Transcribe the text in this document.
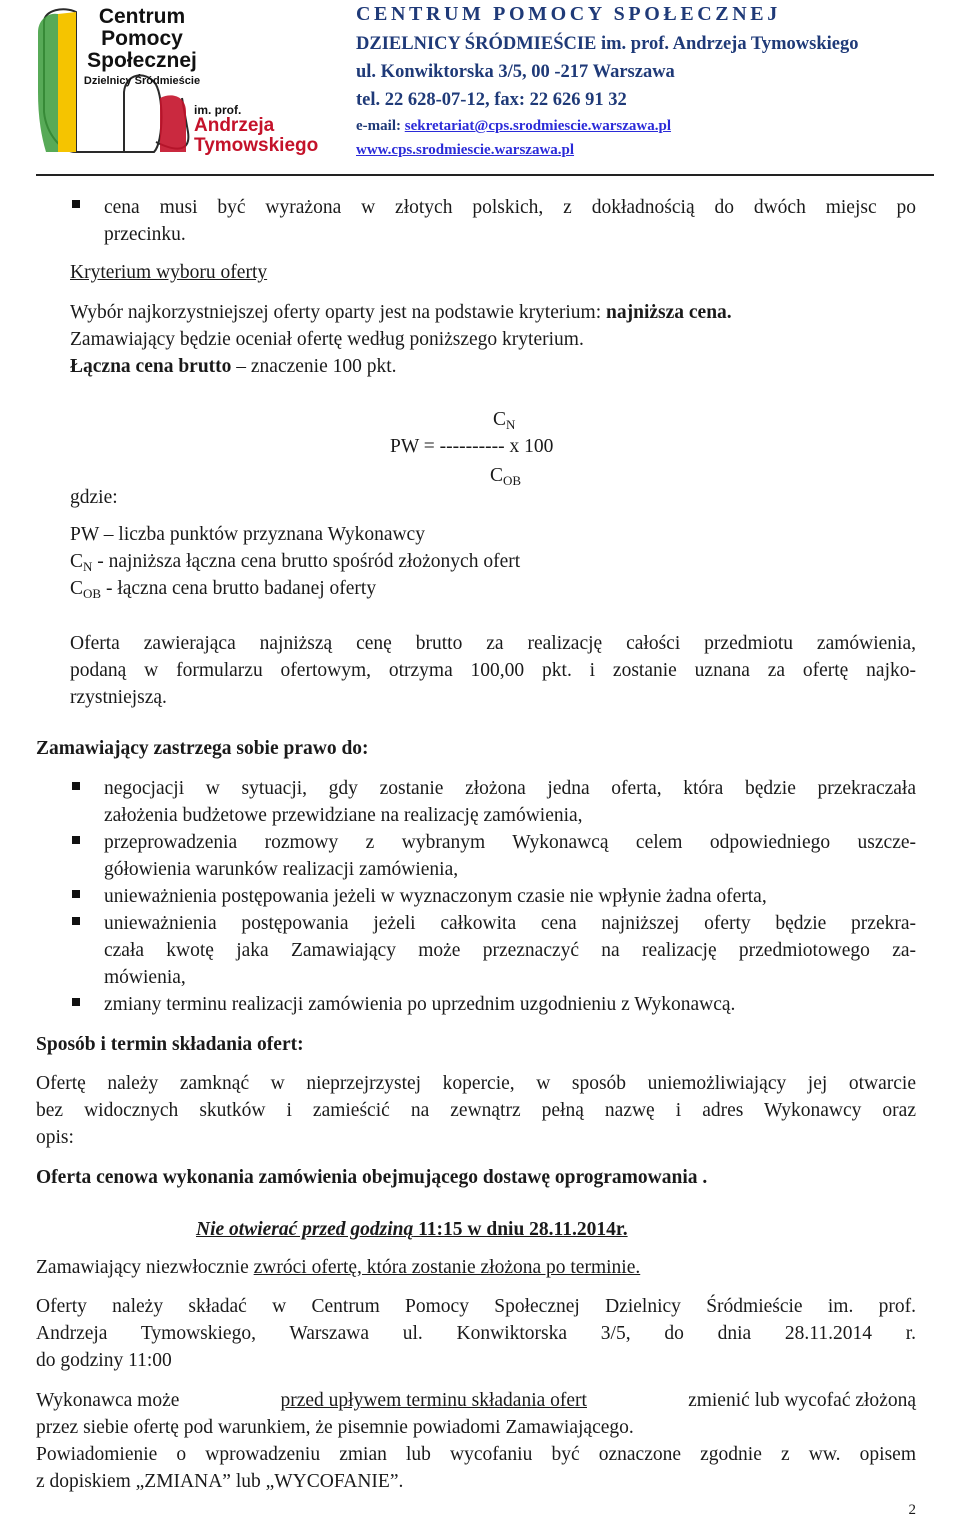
Centrum
Pomocy
Społecznej
Dzielnicy Śródmieście
im. prof.
Andrzeja
Tymowskiego
CENTRUM POMOCY SPOŁECZNEJ
DZIELNICY ŚRÓDMIEŚCIE im. prof. Andrzeja Tymowskiego
ul. Konwiktorska 3/5, 00 -217 Warszawa
tel. 22 628-07-12, fax: 22 626 91 32
e-mail: sekretariat@cps.srodmiescie.warszawa.pl
www.cps.srodmiescie.warszawa.pl
cena musi być wyrażona w złotych polskich, z dokładnością do dwóch miejsc po
przecinku.
Kryterium wyboru oferty
Wybór najkorzystniejszej oferty oparty jest na podstawie kryterium: najniższa cena.
Zamawiający będzie oceniał ofertę według poniższego kryterium.
Łączna cena brutto – znaczenie 100 pkt.
$C_N$
PW = ---------- x 100
$C_{OB}$
gdzie:
PW – liczba punktów przyznana Wykonawcy
$C_N$ - najniższa łączna cena brutto spośród złożonych ofert
$C_{OB}$ - łączna cena brutto badanej oferty
Oferta zawierająca najniższą cenę brutto za realizację całości przedmiotu zamówienia,
podaną w formularzu ofertowym, otrzyma 100,00 pkt. i zostanie uznana za ofertę najko-
rzystniejszą.
Zamawiający zastrzega sobie prawo do:
negocjacji w sytuacji, gdy zostanie złożona jedna oferta, która będzie przekraczała
założenia budżetowe przewidziane na realizację zamówienia,
przeprowadzenia rozmowy z wybranym Wykonawcą celem odpowiedniego uszcze-
gółowienia warunków realizacji zamówienia,
unieważnienia postępowania jeżeli w wyznaczonym czasie nie wpłynie żadna oferta,
unieważnienia postępowania jeżeli całkowita cena najniższej oferty będzie przekra-
czała kwotę jaka Zamawiający może przeznaczyć na realizację przedmiotowego za-
mówienia,
zmiany terminu realizacji zamówienia po uprzednim uzgodnieniu z Wykonawcą.
Sposób i termin składania ofert:
Ofertę należy zamknąć w nieprzejrzystej kopercie, w sposób uniemożliwiający jej otwarcie
bez widocznych skutków i zamieścić na zewnątrz pełną nazwę i adres Wykonawcy oraz
opis:
Oferta cenowa wykonania zamówienia obejmującego dostawę oprogramowania .
Nie otwierać przed godziną 11:15 w dniu 28.11.2014r.
Zamawiający niezwłocznie zwróci ofertę, która zostanie złożona po terminie.
Oferty należy składać w Centrum Pomocy Społecznej Dzielnicy Śródmieście im. prof.
Andrzeja Tymowskiego, Warszawa ul. Konwiktorska 3/5, do dnia 28.11.2014 r.
do godziny 11:00
Wykonawca może	przed upływem terminu składania ofert	zmienić lub wycofać złożoną
przez siebie ofertę pod warunkiem, że pisemnie powiadomi Zamawiającego.
Powiadomienie o wprowadzeniu zmian lub wycofaniu być oznaczone zgodnie z ww. opisem
z dopiskiem „ZMIANA” lub „WYCOFANIE”.
2
